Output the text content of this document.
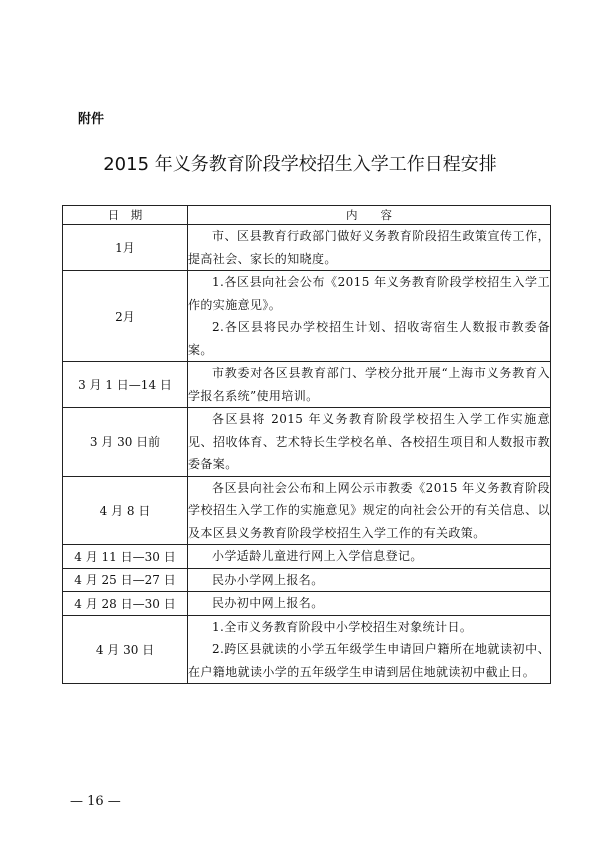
附件
2015 年义务教育阶段学校招生入学工作日程安排
日　期	内　　容
1月	市、区县教育行政部门做好义务教育阶段招生政策宣传工作，提高社会、家长的知晓度。

2月	1.各区县向社会公布《2015 年义务教育阶段学校招生入学工作的实施意见》。

2.各区县将民办学校招生计划、招收寄宿生人数报市教委备案。

3 月 1 日—14 日	市教委对各区县教育部门、学校分批开展“上海市义务教育入学报名系统”使用培训。

3 月 30 日前	各区县将 2015 年义务教育阶段学校招生入学工作实施意见、招收体育、艺术特长生学校名单、各校招生项目和人数报市教委备案。

4 月 8 日	各区县向社会公布和上网公示市教委《2015 年义务教育阶段学校招生入学工作的实施意见》规定的向社会公开的有关信息、以及本区县义务教育阶段学校招生入学工作的有关政策。

4 月 11 日—30 日	小学适龄儿童进行网上入学信息登记。

4 月 25 日—27 日	民办小学网上报名。

4 月 28 日—30 日	民办初中网上报名。

4 月 30 日	1.全市义务教育阶段中小学校招生对象统计日。

2.跨区县就读的小学五年级学生申请回户籍所在地就读初中、在户籍地就读小学的五年级学生申请到居住地就读初中截止日。

— 16 —
